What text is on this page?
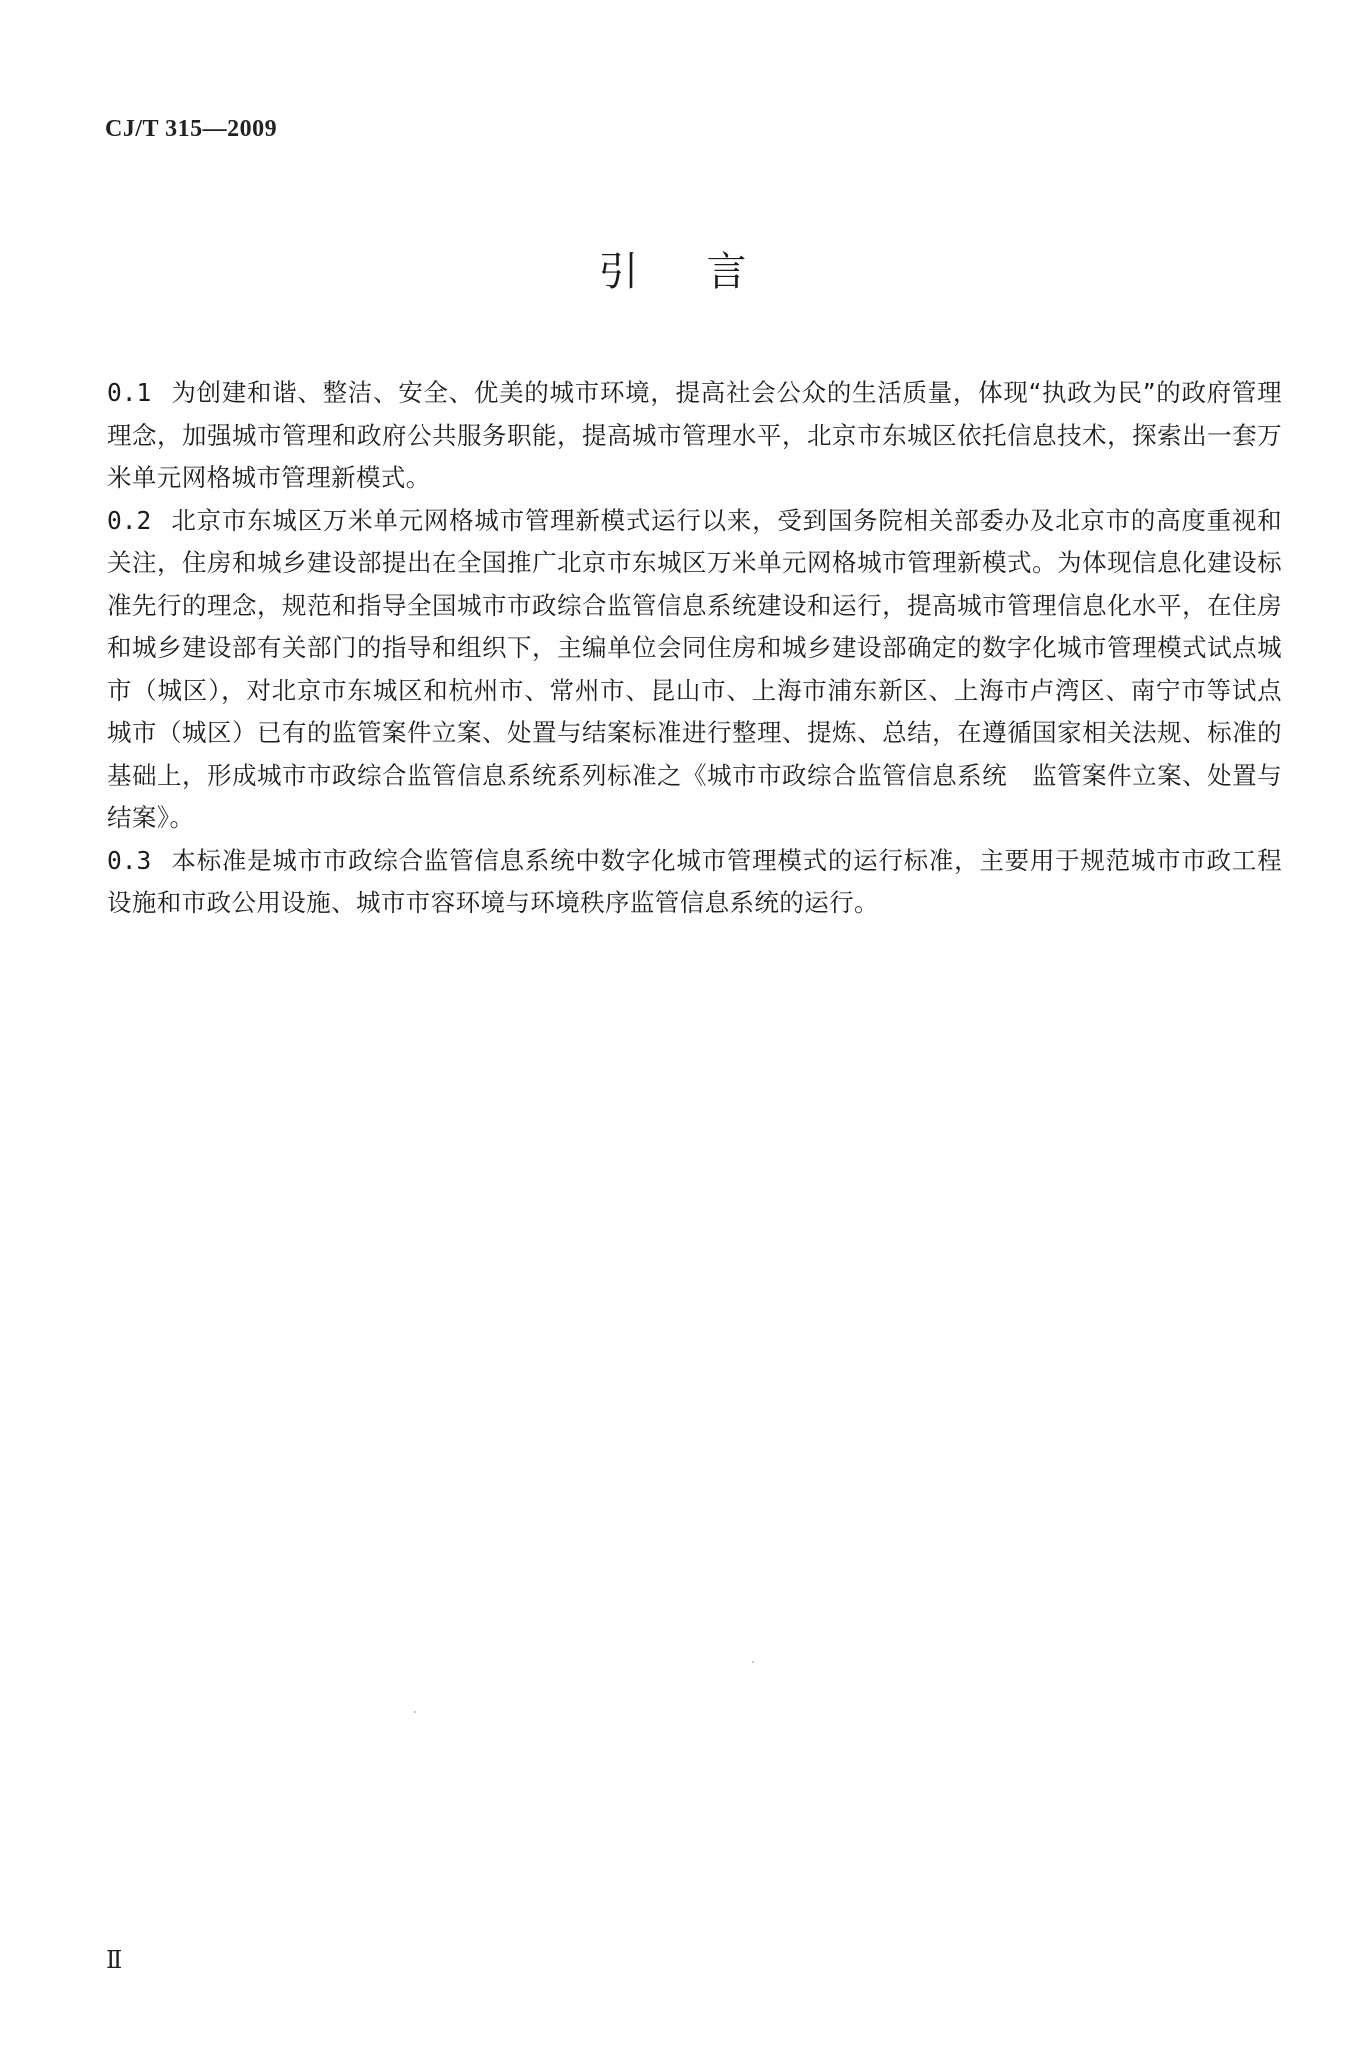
CJ/T 315—2009
引言

0.1 为创建和谐、整洁、安全、优美的城市环境，提高社会公众的生活质量，体现“执政为民”的政府管理理念，加强城市管理和政府公共服务职能，提高城市管理水平，北京市东城区依托信息技术，探索出一套万米单元网格城市管理新模式。

0.2 北京市东城区万米单元网格城市管理新模式运行以来，受到国务院相关部委办及北京市的高度重视和关注，住房和城乡建设部提出在全国推广北京市东城区万米单元网格城市管理新模式。为体现信息化建设标准先行的理念，规范和指导全国城市市政综合监管信息系统建设和运行，提高城市管理信息化水平，在住房和城乡建设部有关部门的指导和组织下，主编单位会同住房和城乡建设部确定的数字化城市管理模式试点城市（城区），对北京市东城区和杭州市、常州市、昆山市、上海市浦东新区、上海市卢湾区、南宁市等试点城市（城区）已有的监管案件立案、处置与结案标准进行整理、提炼、总结，在遵循国家相关法规、标准的基础上，形成城市市政综合监管信息系统系列标准之《城市市政综合监管信息系统　监管案件立案、处置与结案》。

0.3 本标准是城市市政综合监管信息系统中数字化城市管理模式的运行标准，主要用于规范城市市政工程设施和市政公用设施、城市市容环境与环境秩序监管信息系统的运行。

Ⅱ
